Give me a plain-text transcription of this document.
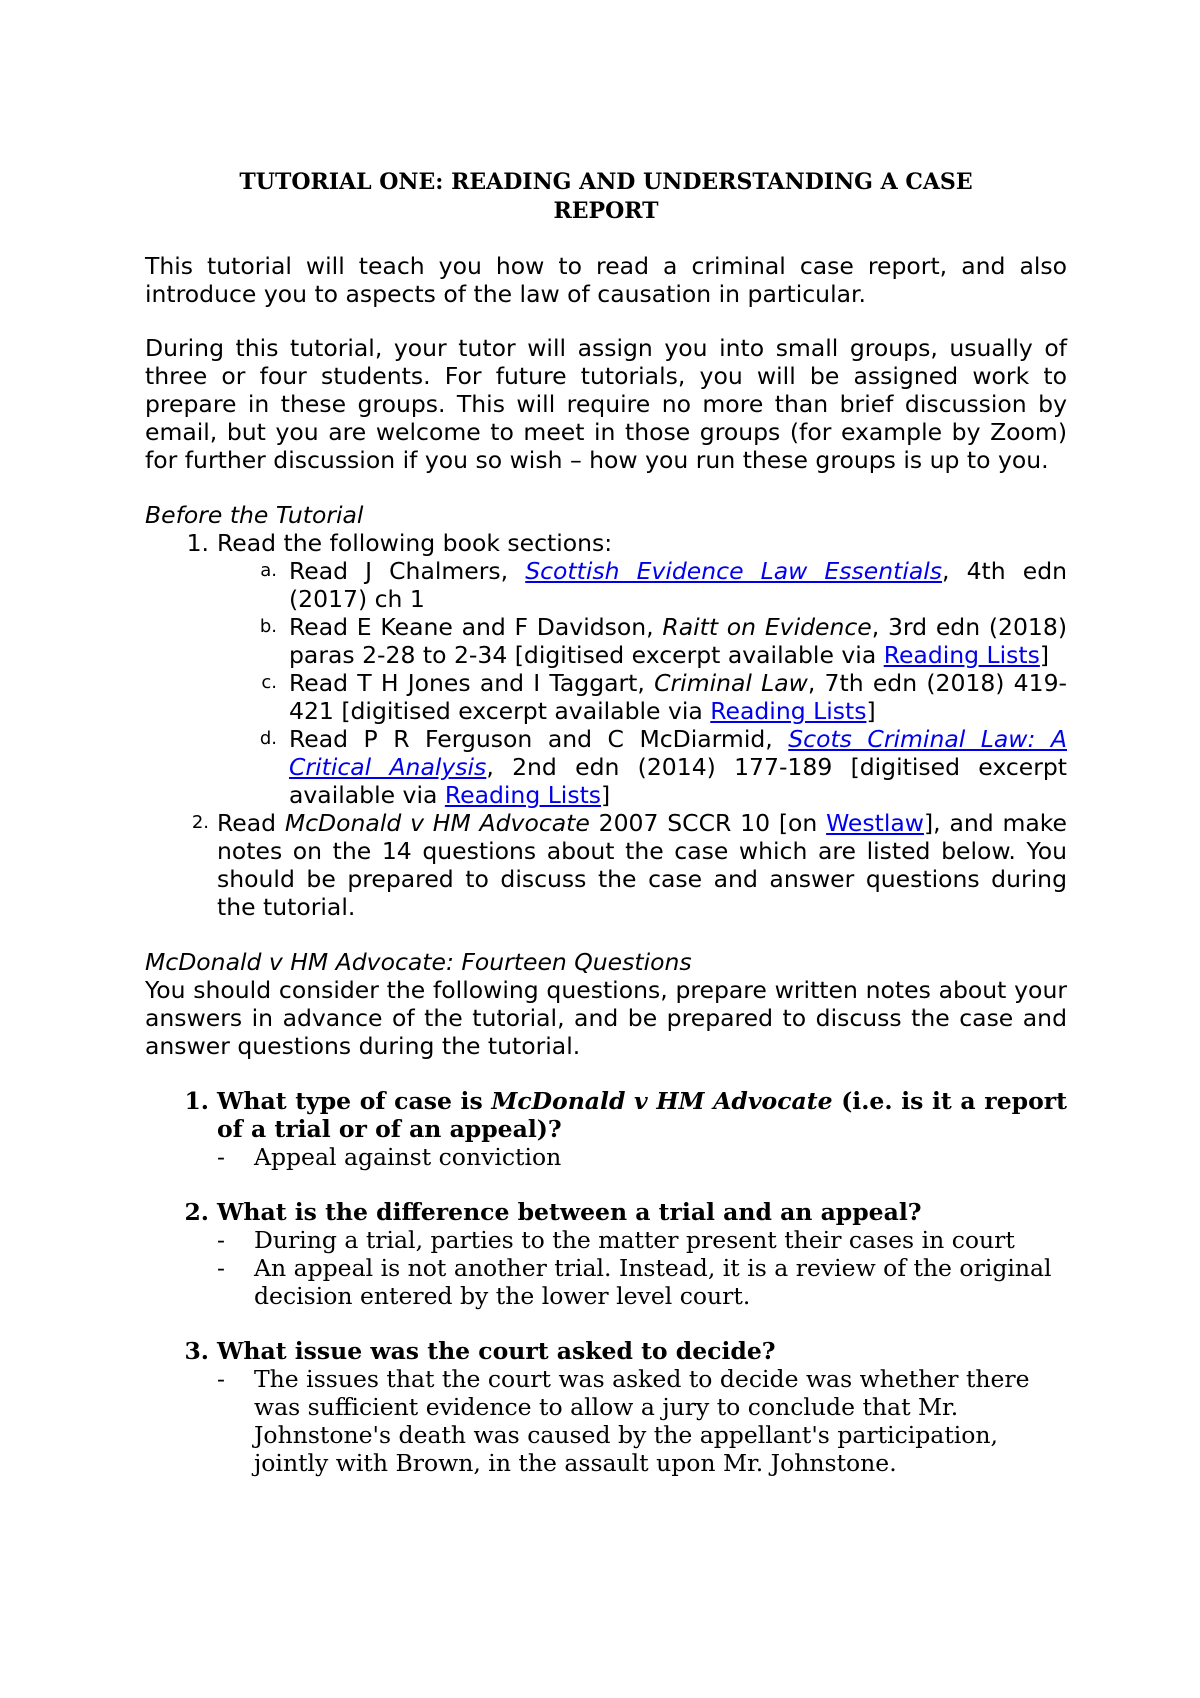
TUTORIAL ONE: READING AND UNDERSTANDING A CASE
REPORT

This tutorial will teach you how to read a criminal case report, and also introduce you to aspects of the law of causation in particular.

During this tutorial, your tutor will assign you into small groups, usually of three or four students. For future tutorials, you will be assigned work to prepare in these groups. This will require no more than brief discussion by email, but you are welcome to meet in those groups (for example by Zoom) for further discussion if you so wish – how you run these groups is up to you.

Before the Tutorial

1. Read the following book sections:
a. Read J Chalmers, Scottish Evidence Law Essentials, 4th edn (2017) ch 1
b. Read E Keane and F Davidson, Raitt on Evidence, 3rd edn (2018) paras 2-28 to 2-34 [digitised excerpt available via Reading Lists]
c. Read T H Jones and I Taggart, Criminal Law, 7th edn (2018) 419-421 [digitised excerpt available via Reading Lists]
d. Read P R Ferguson and C McDiarmid, Scots Criminal Law: A Critical Analysis, 2nd edn (2014) 177-189 [digitised excerpt available via Reading Lists]
2. Read McDonald v HM Advocate 2007 SCCR 10 [on Westlaw], and make notes on the 14 questions about the case which are listed below. You should be prepared to discuss the case and answer questions during the tutorial.

McDonald v HM Advocate: Fourteen Questions

You should consider the following questions, prepare written notes about your answers in advance of the tutorial, and be prepared to discuss the case and answer questions during the tutorial.

1. What type of case is McDonald v HM Advocate (i.e. is it a report of a trial or of an appeal)?
-	Appeal against conviction
2. What is the difference between a trial and an appeal?
-	During a trial, parties to the matter present their cases in court
-	An appeal is not another trial. Instead, it is a review of the original decision entered by the lower level court.
3. What issue was the court asked to decide?
-	The issues that the court was asked to decide was whether there was sufficient evidence to allow a jury to conclude that Mr. Johnstone's death was caused by the appellant's participation, jointly with Brown, in the assault upon Mr. Johnstone.
